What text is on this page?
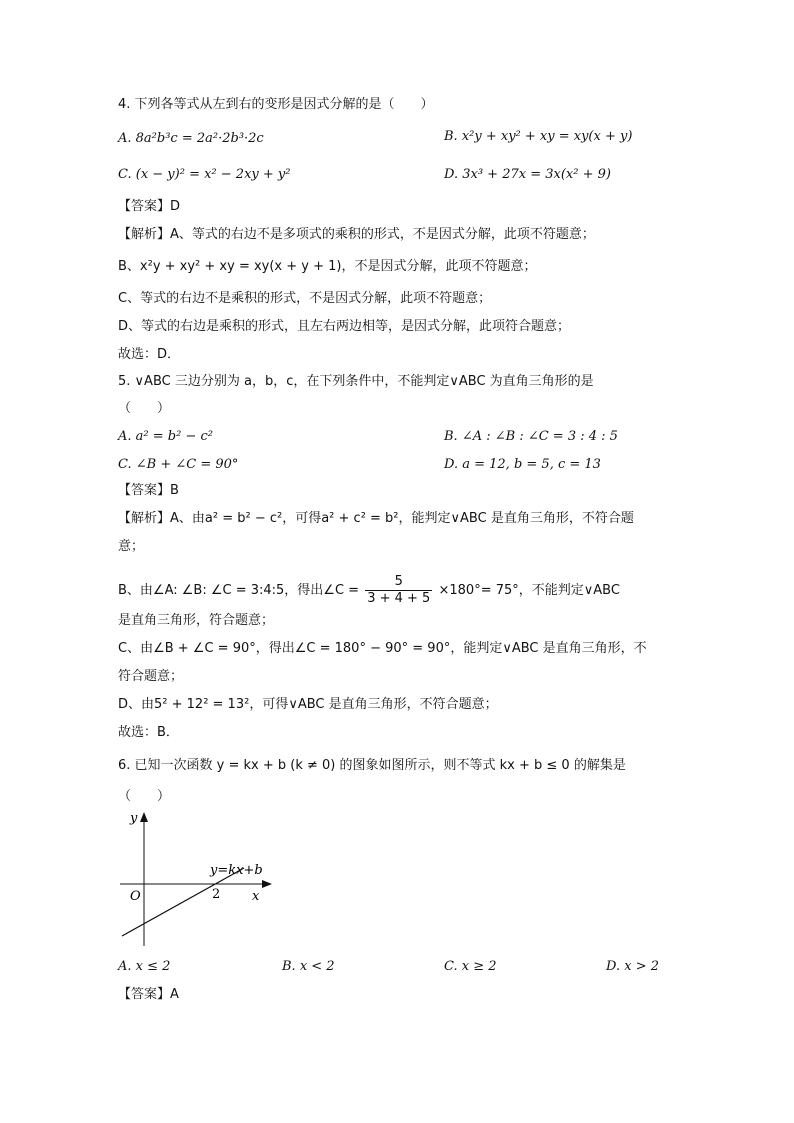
4. 下列各等式从左到右的变形是因式分解的是（　　）
A. 8a²b³c = 2a²·2b³·2c	B. x²y + xy² + xy = xy(x + y)
C. (x − y)² = x² − 2xy + y²	D. 3x³ + 27x = 3x(x² + 9)
【答案】D
【解析】A、等式的右边不是多项式的乘积的形式，不是因式分解，此项不符题意；
B、x²y + xy² + xy = xy(x + y + 1)，不是因式分解，此项不符题意；
C、等式的右边不是乘积的形式，不是因式分解，此项不符题意；
D、等式的右边是乘积的形式，且左右两边相等，是因式分解，此项符合题意；
故选：D．
5. ∨ABC 三边分别为 a，b，c，在下列条件中，不能判定∨ABC 为直角三角形的是
（　　）
A. a² = b² − c²	B. ∠A : ∠B : ∠C = 3 : 4 : 5
C. ∠B + ∠C = 90°	D. a = 12, b = 5, c = 13
【答案】B
【解析】A、由a² = b² − c²，可得a² + c² = b²，能判定∨ABC 是直角三角形，不符合题
意；
B、由∠A: ∠B: ∠C = 3:4:5，得出∠C = $\frac{5}{3 + 4 + 5} \times 180^\circ= 75^\circ$，不能判定∨ABC
是直角三角形，符合题意；
C、由∠B + ∠C = 90°，得出∠C = 180° − 90° = 90°，能判定∨ABC 是直角三角形，不
符合题意；
D、由5² + 12² = 13²，可得∨ABC 是直角三角形，不符合题意；
故选：B．
6. 已知一次函数 y = kx + b (k ≠ 0) 的图象如图所示，则不等式 kx + b ≤ 0 的解集是
（　　）
y
x
O	2
y=kx+b
A. x ≤ 2	B. x < 2	C. x ≥ 2	D. x > 2
【答案】A
